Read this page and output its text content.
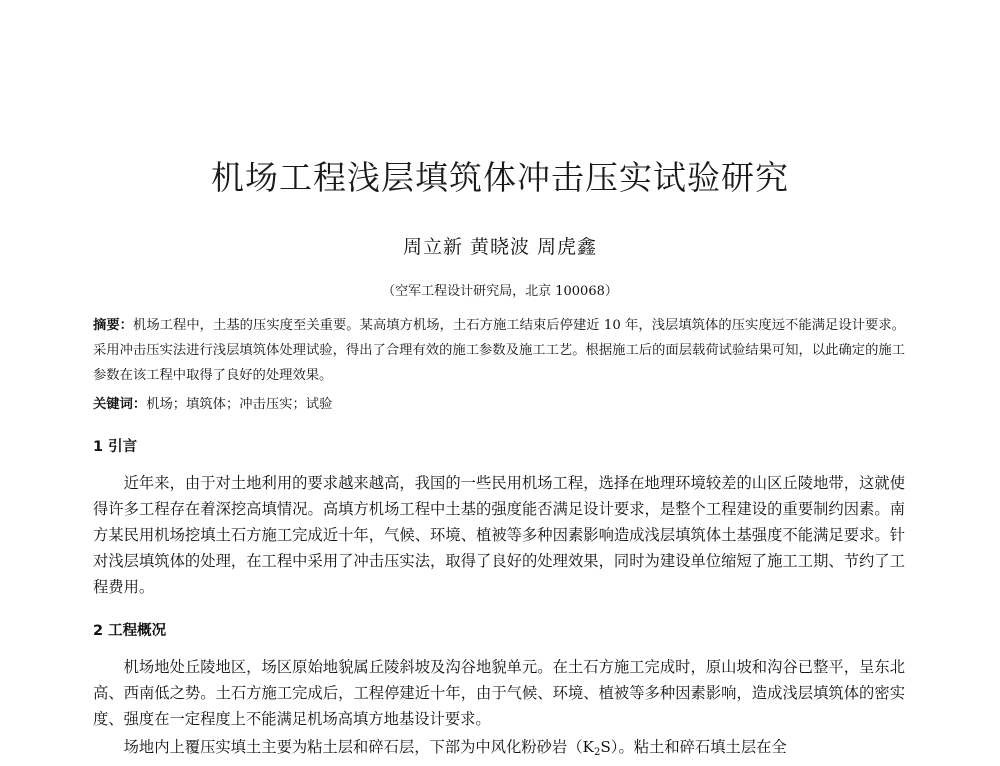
机场工程浅层填筑体冲击压实试验研究
周立新 黄晓波 周虎鑫
（空军工程设计研究局，北京 100068）
摘要：机场工程中，土基的压实度至关重要。某高填方机场，土石方施工结束后停建近 10 年，浅层填筑体的压实度远不能满足设计要求。采用冲击压实法进行浅层填筑体处理试验，得出了合理有效的施工参数及施工工艺。根据施工后的面层载荷试验结果可知，以此确定的施工参数在该工程中取得了良好的处理效果。
关键词：机场；填筑体；冲击压实；试验
1 引言
近年来，由于对土地利用的要求越来越高，我国的一些民用机场工程，选择在地理环境较差的山区丘陵地带，这就使得许多工程存在着深挖高填情况。高填方机场工程中土基的强度能否满足设计要求，是整个工程建设的重要制约因素。南方某民用机场挖填土石方施工完成近十年，气候、环境、植被等多种因素影响造成浅层填筑体土基强度不能满足要求。针对浅层填筑体的处理，在工程中采用了冲击压实法，取得了良好的处理效果，同时为建设单位缩短了施工工期、节约了工程费用。
2 工程概况
机场地处丘陵地区，场区原始地貌属丘陵斜坡及沟谷地貌单元。在土石方施工完成时，原山坡和沟谷已整平，呈东北高、西南低之势。土石方施工完成后，工程停建近十年，由于气候、环境、植被等多种因素影响，造成浅层填筑体的密实度、强度在一定程度上不能满足机场高填方地基设计要求。
场地内上覆压实填土主要为粘土层和碎石层，下部为中风化粉砂岩$(K_2S)$。粘土和碎石填土层在全
